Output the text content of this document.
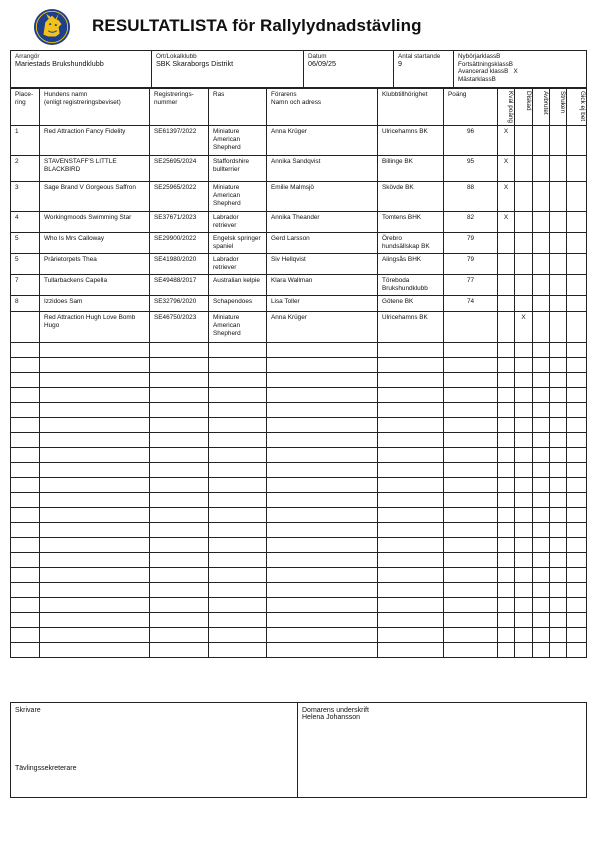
RESULTATLISTA för Rallylydnadstävling
Arrangör
Mariestads Brukshundklubb

Ort/Lokalklubb
SBK Skaraborgs Distrikt

Datum
06/09/25

Antal startande
9

NybörjarklassB
FortsättningsklassB
Avancerad klassB X
MästarklassB
Place-
ring	Hundens namn
(enligt registreringsbeviset)	Registrerings-
nummer	Ras	Förarens
Namn och adress	Klubbtillhörighet	Poäng	Kval poäng	Diskad	Avbrutet	Struken	Gick ej bet
1	Red Attraction Fancy Fidelity	SE61397/2022	Miniature American Shepherd	Anna Krüger	Ulricehamns BK	96	X				
2	STAVENSTAFF'S LITTLE BLACKBIRD	SE25695/2024	Staffordshire bullterrier	Annika Sandqvist	Billinge BK	95	X				
3	Sage Brand V Gorgeous Saffron	SE25965/2022	Miniature American Shepherd	Emilie Malmsjö	Skövde BK	88	X				
4	Workingmoods Swimming Star	SE37671/2023	Labrador retriever	Annika Theander	Tomtens BHK	82	X				
5	Who Is Mrs Calloway	SE29900/2022	Engelsk springer spaniel	Gerd Larsson	Örebro hundsällskap BK	79					
5	Prärietorpets Thea	SE41980/2020	Labrador retriever	Siv Hellqvist	Alingsås BHK	79					
7	Tullarbackens Capella	SE49488/2017	Australian kelpie	Klara Wallman	Töreboda Brukshundklubb	77					
8	Izzidoes Sam	SE32796/2020	Schapendoes	Lisa Toller	Götene BK	74					
	Red Attraction Hugh Love Bomb Hugo	SE46750/2023	Miniature American Shepherd	Anna Krüger	Ulricehamns BK			X			

Skrivare
Tävlingssekreterare

Domarens underskrift
Helena Johansson
